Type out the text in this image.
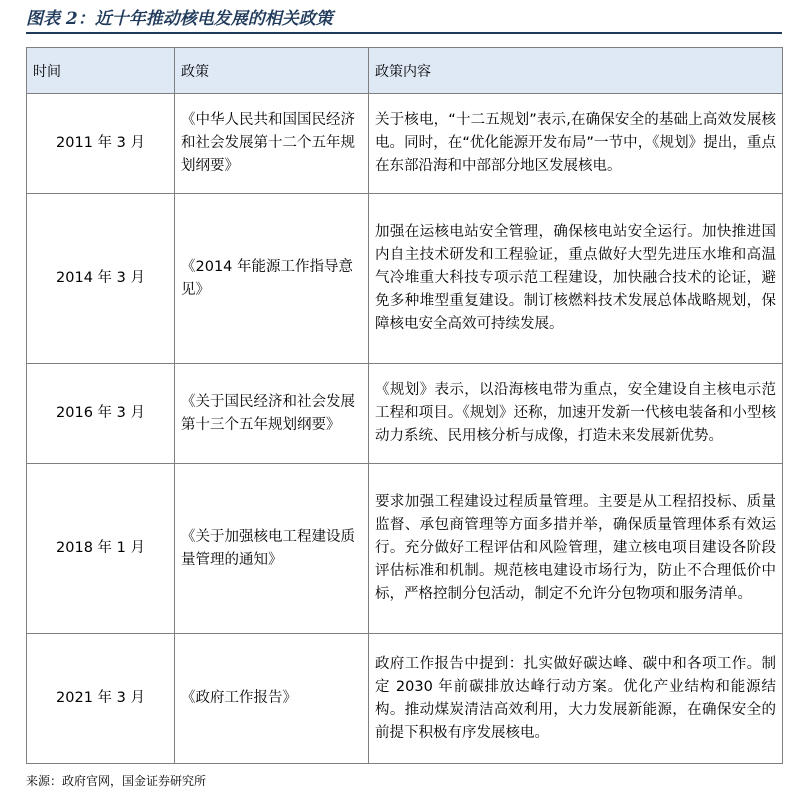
图表 2：近十年推动核电发展的相关政策
时间	政策	政策内容
2011 年 3 月	《中华人民共和国国民经济和社会发展第十二个五年规划纲要》	关于核电，“十二五规划”表示,在确保安全的基础上高效发展核电。同时，在“优化能源开发布局”一节中，《规划》提出，重点在东部沿海和中部部分地区发展核电。
2014 年 3 月	《2014 年能源工作指导意见》	加强在运核电站安全管理，确保核电站安全运行。加快推进国内自主技术研发和工程验证，重点做好大型先进压水堆和高温气冷堆重大科技专项示范工程建设，加快融合技术的论证，避免多种堆型重复建设。制订核燃料技术发展总体战略规划，保障核电安全高效可持续发展。
2016 年 3 月	《关于国民经济和社会发展第十三个五年规划纲要》	《规划》表示，以沿海核电带为重点，安全建设自主核电示范工程和项目。《规划》还称，加速开发新一代核电装备和小型核动力系统、民用核分析与成像，打造未来发展新优势。
2018 年 1 月	《关于加强核电工程建设质量管理的通知》	要求加强工程建设过程质量管理。主要是从工程招投标、质量监督、承包商管理等方面多措并举，确保质量管理体系有效运行。充分做好工程评估和风险管理，建立核电项目建设各阶段评估标准和机制。规范核电建设市场行为，防止不合理低价中标，严格控制分包活动，制定不允许分包物项和服务清单。
2021 年 3 月	《政府工作报告》	政府工作报告中提到：扎实做好碳达峰、碳中和各项工作。制定 2030 年前碳排放达峰行动方案。优化产业结构和能源结构。推动煤炭清洁高效利用，大力发展新能源，在确保安全的前提下积极有序发展核电。
来源：政府官网，国金证券研究所
